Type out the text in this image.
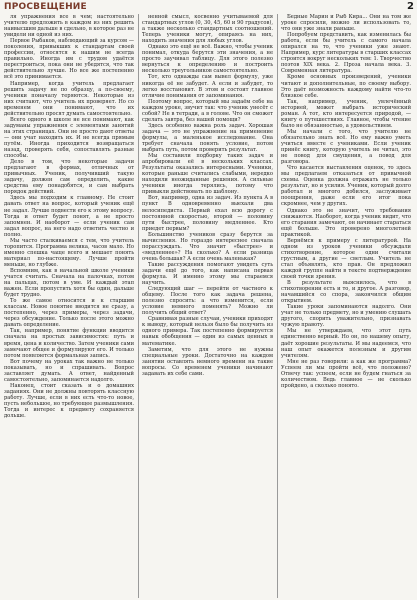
ПРОСВЕЩЕНИЕ	2

ля упражнения все в чем; настоятельно учителю предложить в каждом из них решить наивысшим дальше в сдельно, в которое раз не увидели ни одной из них.

Первое Рыбаков, наблюдающий за курсом — поколения, привыкших к стандартам своей профессии, относятся к нашим не всегда правильно. Иногда им с трудом удаётся перестроиться, пока они не убедятся, что так действительно лучше. Но все же постепенно всё это принимается.

Например, когда учитель предлагает решить задачу не по образцу, а по-своему, ученики поначалу теряются. Некоторые из них считают, что учитель их проверяет. Но со временем они понимают, что их действительно просят думать самостоятельно.

Всего одного в школе не все понимают, как задуманы упражнения с элементами занятий на этих страницах. Они не просто дают ответы — они учат находить их. И не всегда прямым путём. Иногда приходится возвращаться назад, проверять себя, сопоставлять разные способы.

Дело в том, что некоторые задачи предлагают в формах, отличных от привычных. Ученик, получивший такую задачу, должен сам определить, какие средства ему понадобятся, и сам выбрать порядок действий.

Здесь мы подходим к главному. Не стоит давать ответ на вопрос, который ученик ещё не задал. Лучше подвести его к этому вопросу. Тогда и ответ будет понят, а не просто запомнен. И наоборот — если ученик сам задал вопрос, на него надо ответить честно и полно.

Мы часто сталкиваемся с тем, что учитель торопится. Программа велика, часов мало. Но именно спешка чаще всего и мешает понять материал по-настоящему. Лучше пройти меньше, но глубже.

Вспомним, как в начальной школе ученики учатся считать. Сначала на палочках, потом на пальцах, потом в уме. И каждый этап важен. Если пропустить хотя бы один, дальше будет трудно.

То же самое относится и к старшим классам. Новое понятие вводится не сразу, а постепенно, через примеры, через задачи, через обсуждение. Только после этого можно давать определение.

Так, например, понятие функции вводится сначала на простых зависимостях: путь и время, цена и количество. Затем ученики сами замечают общее и формулируют его. И только потом появляется формальная запись.

Вот почему на уроках так важно не только показывать, но и спрашивать. Вопрос заставляет думать. А ответ, найденный самостоятельно, запоминается надолго.

Наконец, стоит сказать и о домашних заданиях. Они не должны повторять классную работу. Лучше, если в них есть что-то новое, пусть небольшое, но требующее размышления. Тогда и интерес к предмету сохраняется дольше.

ненной смысл, косвенно учитываемой для стандартных углов (0, 30, 45, 60 и 90 градусов), а также несколько стандартных соотношений. Теперь ученики могут, опираясь на них, находить значения для любых углов.

Однако это ещё не всё. Важно, чтобы ученик понимал, откуда берутся эти значения, а не просто заучивал таблицу. Для этого полезно вернуться к определению и построить несколько треугольников самостоятельно.

Тот, кто однажды сам вывел формулу, уже никогда её не забудет. А если и забудет, то легко восстановит. В этом и состоит главное отличие понимания от запоминания.

Поэтому вопрос, который мы задаём себе на каждом уроке, звучит так: что ученик унесёт с собой? Не в тетради, а в голове. Что он сможет сделать завтра, без нашей помощи?

Здесь особенно важна роль задач. Хорошая задача — это не упражнение на применение формулы, а маленькое исследование. Она требует сначала понять условие, потом выбрать путь, потом проверить результат.

Мы составили подборку таких задач и апробировали её в нескольких классах. Результаты оказались интересными. Ученики, которые раньше считались слабыми, нередко находили неожиданные решения. А сильные ученики иногда терялись, потому что привыкли действовать по шаблону.

Вот, например, одна из задач. Из пункта A в пункт B одновременно выехали два велосипедиста. Первый ехал всю дорогу с постоянной скоростью, второй — половину пути быстрее, половину медленнее. Кто приедет первым?

Большинство учеников сразу берутся за вычисления. Но гораздо интереснее сначала порассуждать. Что значит «быстрее» и «медленнее»? На сколько? А если разница очень большая? А если очень маленькая?

Такие рассуждения помогают увидеть суть задачи ещё до того, как написана первая формула. И именно этому мы стараемся научить.

Следующий шаг — перейти от частного к общему. После того как задача решена, полезно спросить: а что изменится, если условие немного поменять? Можно ли получить общий ответ?

Сравнивая разные случаи, ученики приходят к выводу, который нельзя было бы получить из одного примера. Так постепенно формируется навык обобщения — один из самых ценных в математике.

Заметим, что для этого не нужны специальные уроки. Достаточно на каждом занятии оставлять немного времени на такие вопросы. Со временем ученики начинают задавать их себе сами.

Бедные Марин и Рыб Кира... Они на том же уроке спросили, можно ли использовать то, что они уже знали раньше.

Попробуем представить, как изменилась бы работа, если бы учитель с самого начала опирался на то, что ученики уже знают. Например, курс литературы в старших классах строится вокруг нескольких тем: 1. Творчество поэтов XIX века. 2. Проза начала века. 3. Современная литература.

Кроме основных произведений, ученики читают и дополнительные, по своему выбору. Это даёт возможность каждому найти что-то близкое себе.

Так, например, ученик, увлечённый историей, может выбрать исторический роман. А тот, кто интересуется природой, — книгу о путешествиях. Главное, чтобы чтение было не обязанностью, а удовольствием.

Мы начали с того, что учителю не обязательно знать всё. Но ему важно уметь учиться вместе с учениками. Если ученик принёс книгу, которую учитель не читал, это не повод для смущения, а повод для разговора.

Что касается выставления оценок, то здесь мы предлагаем отказаться от привычной схемы. Оценка должна отражать не только результат, но и усилия. Ученик, который долго работал и многого добился, заслуживает поощрения, даже если его итог пока скромнее, чем у других.

Однако это не значит, что требования снижаются. Наоборот, когда ученик видит, что его старания замечают, он начинает стараться ещё больше. Это проверено многолетней практикой.

Вернёмся к примеру с литературой. На одном из уроков ученики обсуждали стихотворение, которое одни считали грустным, а другие — светлым. Учитель не стал объявлять, кто прав. Он предложил каждой группе найти в тексте подтверждение своей точки зрения.

В результате выяснилось, что в стихотворении есть и то, и другое. А разговор, начавшийся со спора, закончился общим открытием.

Такие уроки запоминаются надолго. Они учат не только предмету, но и умению слушать другого, спорить уважительно, признавать чужую правоту.

Мы не утверждаем, что этот путь единственно верный. Но он, по нашему опыту, даёт хорошие результаты. И мы надеемся, что наш опыт окажется полезным и другим учителям.

Мне не раз говорили: а как же программа? Успеем ли мы пройти всё, что положено? Отвечу так: успеем, если не будем гнаться за количеством. Ведь главное — не сколько пройдено, а сколько понято.
